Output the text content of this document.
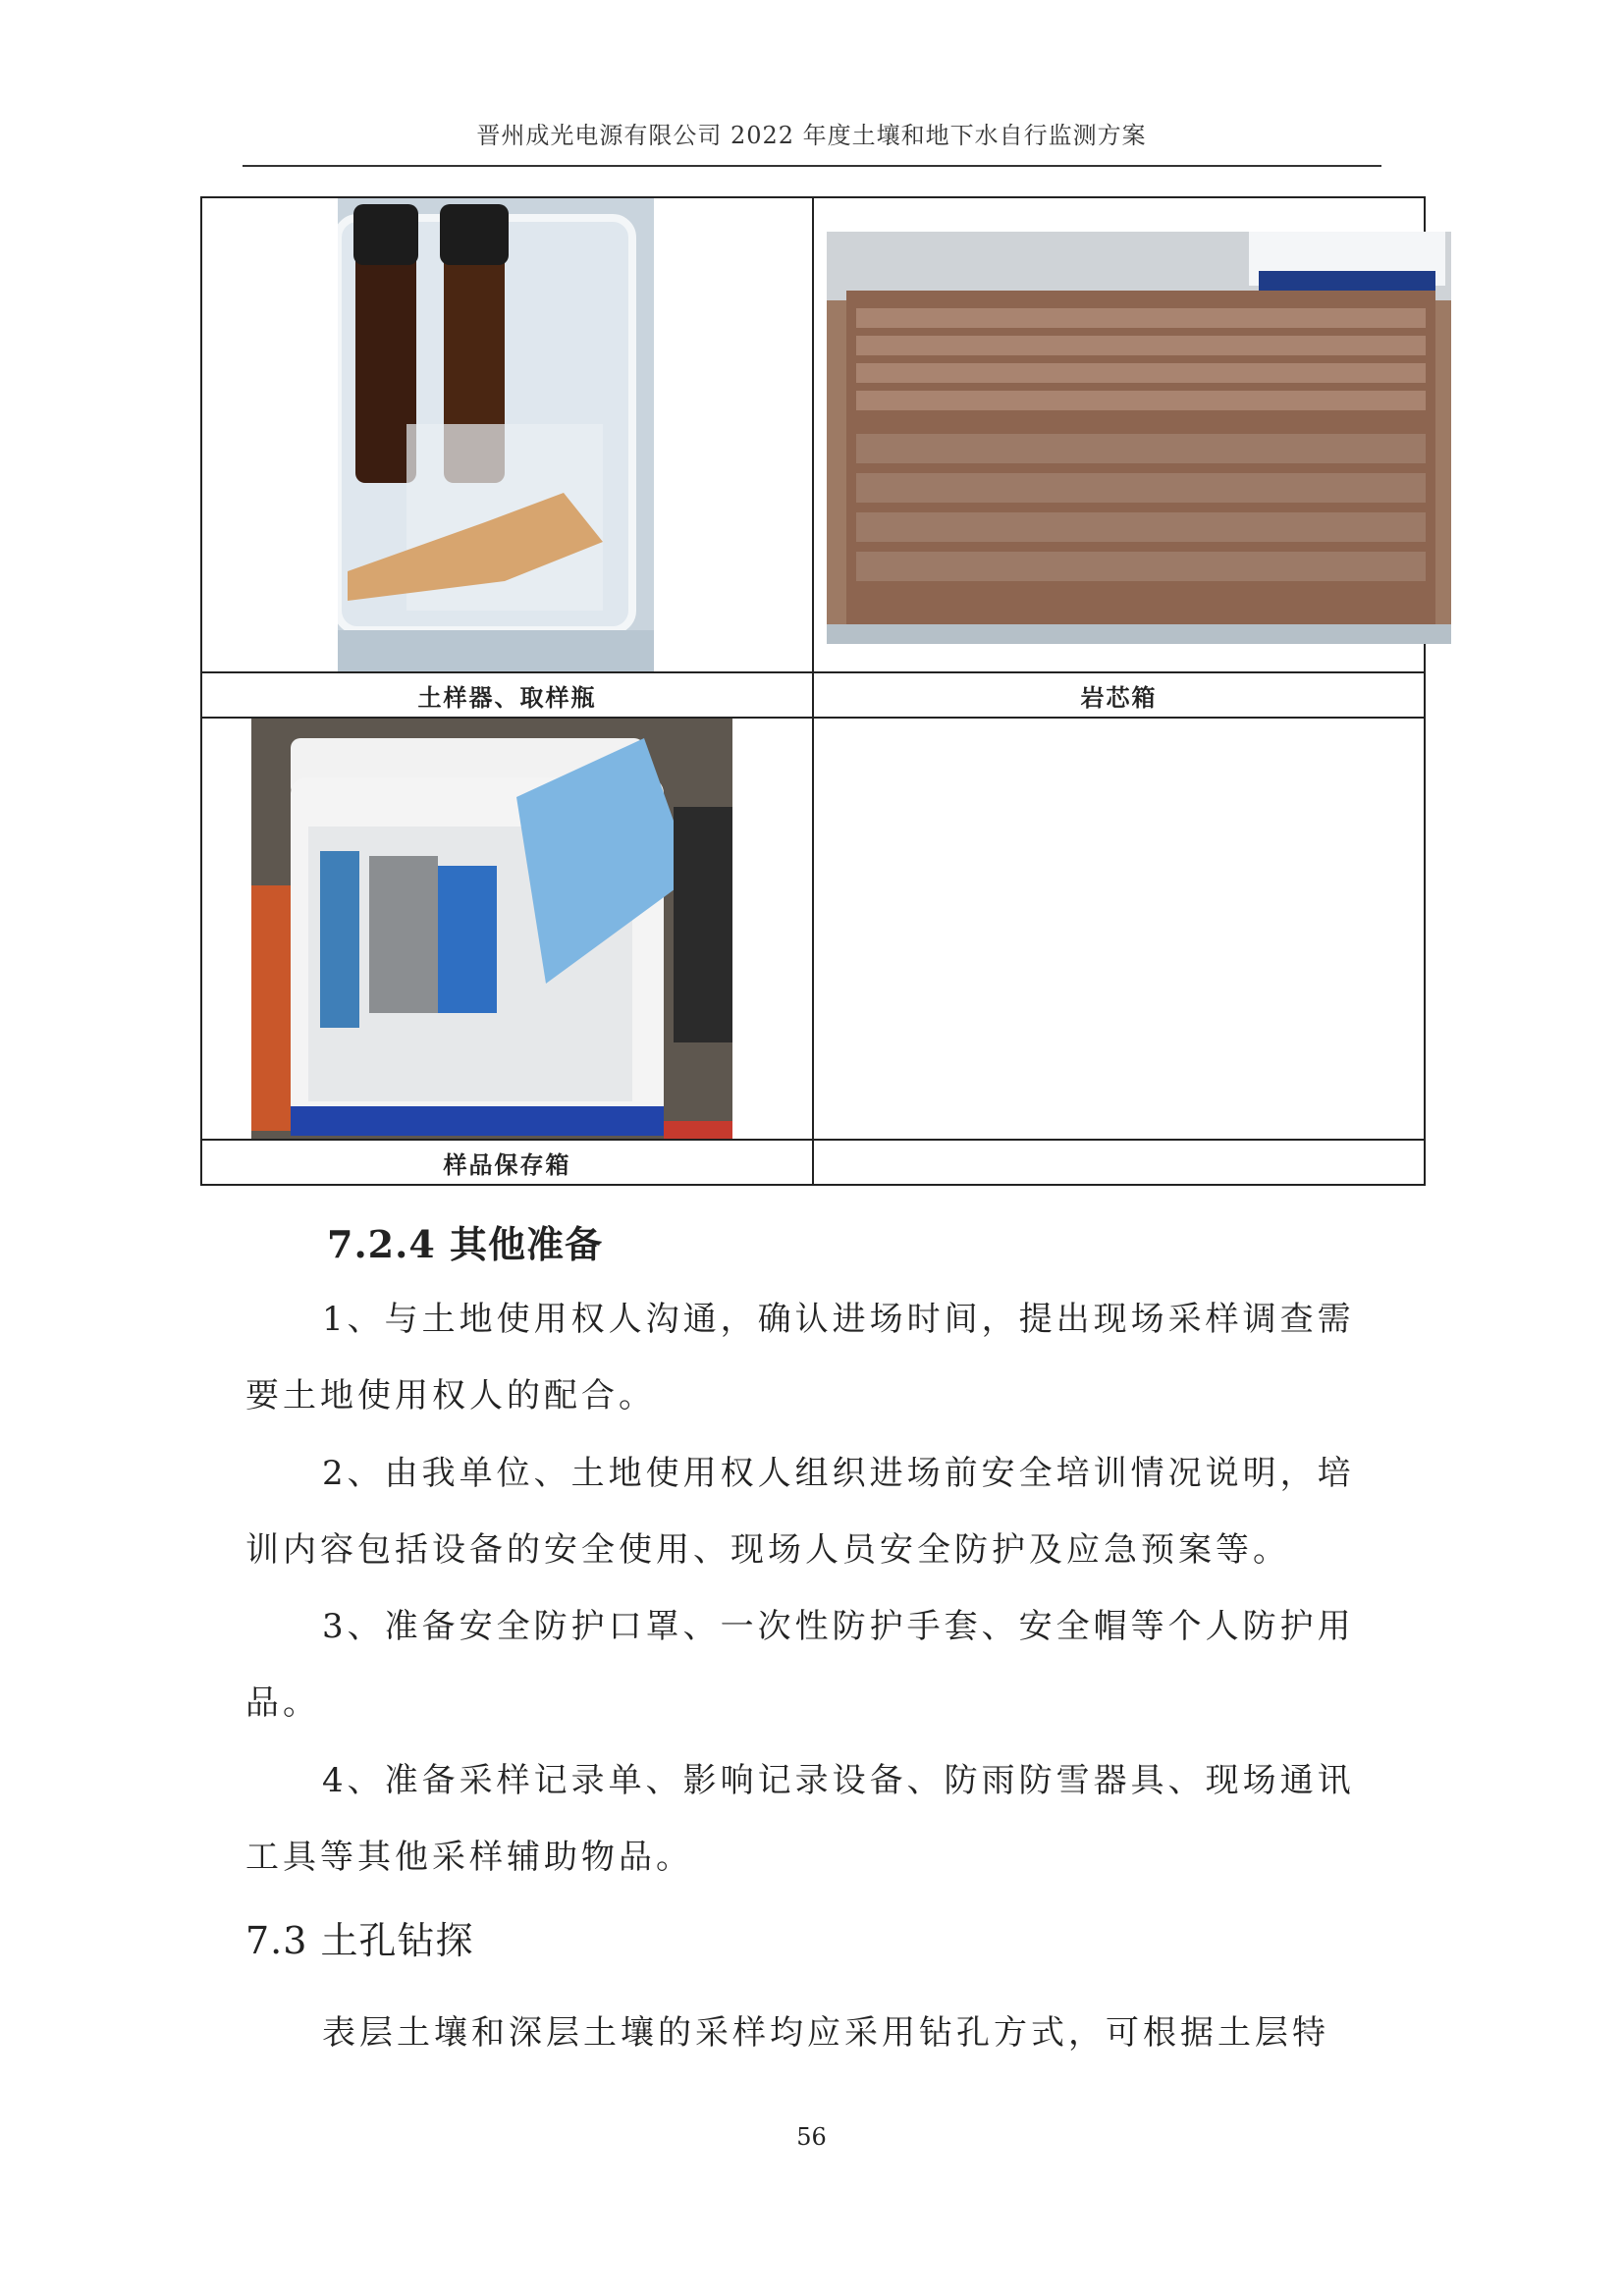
晋州成光电源有限公司 2022 年度土壤和地下水自行监测方案

土样器、取样瓶	岩芯箱

样品保存箱	
7.2.4 其他准备

1、与土地使用权人沟通，确认进场时间，提出现场采样调查需要土地使用权人的配合。

2、由我单位、土地使用权人组织进场前安全培训情况说明，培训内容包括设备的安全使用、现场人员安全防护及应急预案等。

3、准备安全防护口罩、一次性防护手套、安全帽等个人防护用品。

4、准备采样记录单、影响记录设备、防雨防雪器具、现场通讯工具等其他采样辅助物品。

7.3 土孔钻探

表层土壤和深层土壤的采样均应采用钻孔方式，可根据土层特

56
